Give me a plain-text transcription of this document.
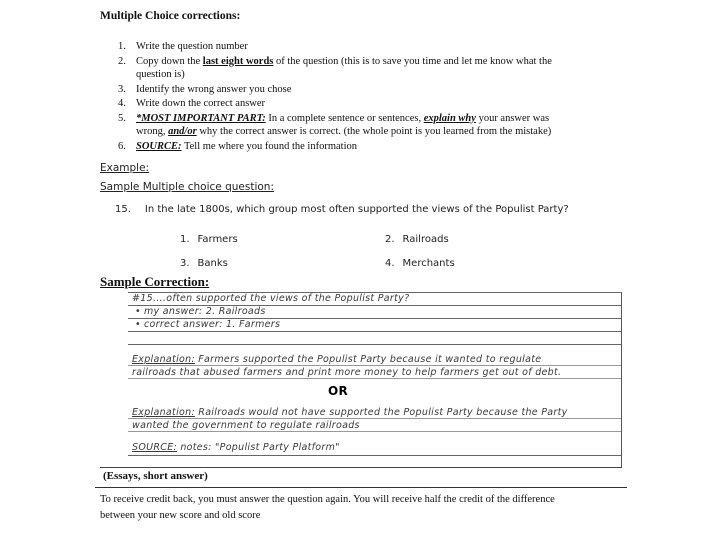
Multiple Choice corrections:
1. Write the question number
2. Copy down the last eight words of the question (this is to save you time and let me know what the question is)
3. Identify the wrong answer you chose
4. Write down the correct answer
5. *MOST IMPORTANT PART: In a complete sentence or sentences, explain why your answer was wrong, and/or why the correct answer is correct. (the whole point is you learned from the mistake)
6. SOURCE: Tell me where you found the information
Example:
Sample Multiple choice question:
15. In the late 1800s, which group most often supported the views of the Populist Party?
1. Farmers	2. Railroads
3. Banks	4. Merchants
Sample Correction:
#15....often supported the views of the Populist Party?
• my answer: 2. Railroads
• correct answer: 1. Farmers
Explanation: Farmers supported the Populist Party because it wanted to regulate railroads that abused farmers and print more money to help farmers get out of debt.
OR
Explanation: Railroads would not have supported the Populist Party because the Party wanted the government to regulate railroads
SOURCE: notes: "Populist Party Platform"
(Essays, short answer)
To receive credit back, you must answer the question again. You will receive half the credit of the difference between your new score and old score
